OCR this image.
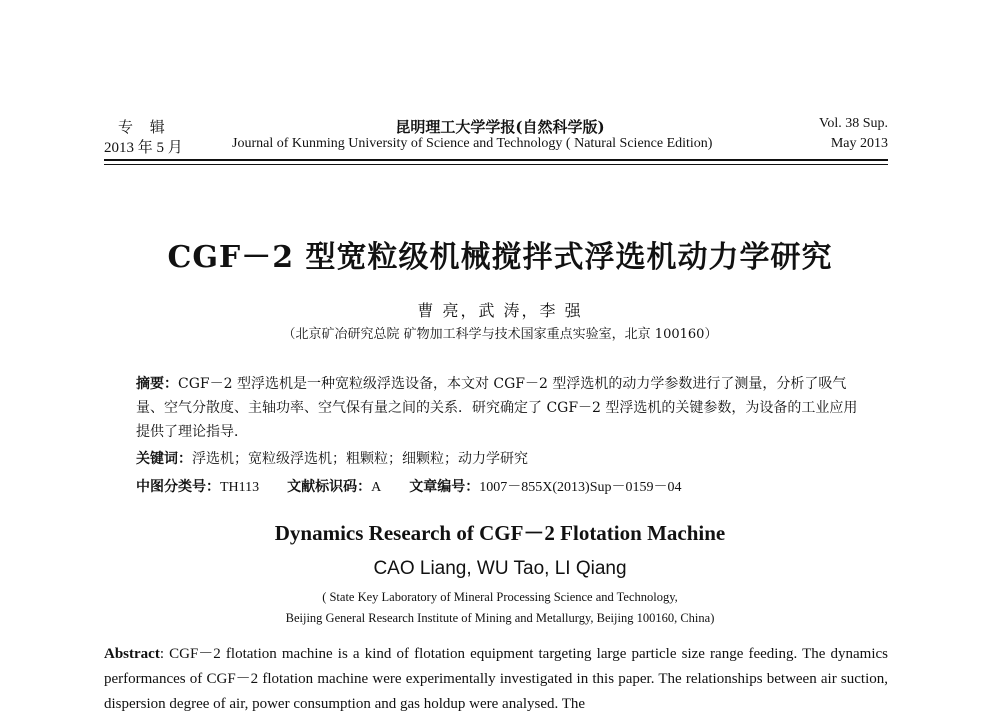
专 辑
2013 年 5 月
昆明理工大学学报(自然科学版)
Journal of Kunming University of Science and Technology ( Natural Science Edition)
Vol. 38 Sup.
May 2013
CGF－2 型宽粒级机械搅拌式浮选机动力学研究
曹 亮，武 涛，李 强
（北京矿冶研究总院 矿物加工科学与技术国家重点实验室，北京 100160）
摘要：CGF－2 型浮选机是一种宽粒级浮选设备，本文对 CGF－2 型浮选机的动力学参数进行了测量，分析了吸气量、空气分散度、主轴功率、空气保有量之间的关系．研究确定了 CGF－2 型浮选机的关键参数，为设备的工业应用提供了理论指导．
关键词：浮选机；宽粒级浮选机；粗颗粒；细颗粒；动力学研究
中图分类号：TH113 文献标识码：A 文章编号：1007－855X(2013)Sup－0159－04
Dynamics Research of CGF－2 Flotation Machine
CAO Liang, WU Tao, LI Qiang
( State Key Laboratory of Mineral Processing Science and Technology,
Beijing General Research Institute of Mining and Metallurgy, Beijing 100160, China)
Abstract: CGF－2 flotation machine is a kind of flotation equipment targeting large particle size range feeding. The dynamics performances of CGF－2 flotation machine were experimentally investigated in this paper. The relationships between air suction, dispersion degree of air, power consumption and gas holdup were analysed. The
